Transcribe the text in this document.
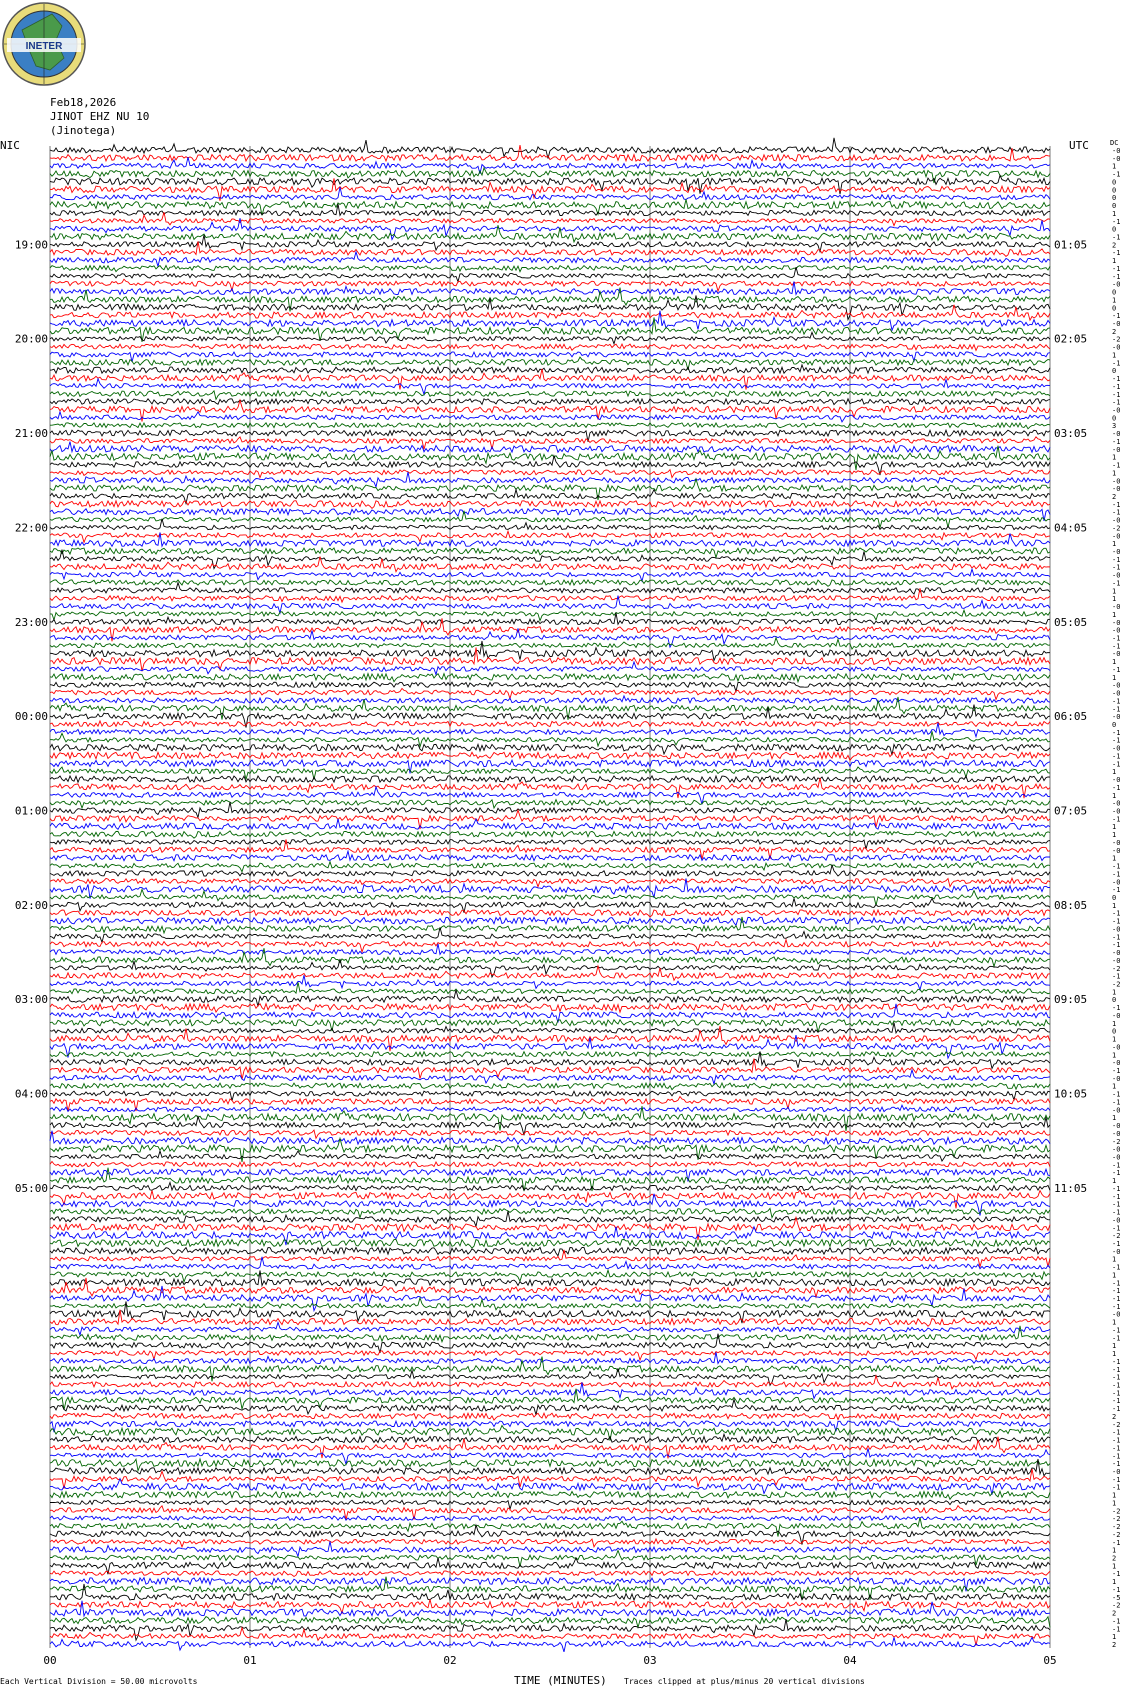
INETER
Feb18,2026
JINOT EHZ NU 10
(Jinotega)
NIC	UTC	DC
00	01	02	03	04	05
-0
-0
1
-1
0
0
0
0
1
-1
0
-1
2
-1
1
-1
-1
-0
0
1
0
-1
-0
2
-2
-0
1
-1
0
-1
-1
-1
-1
-0
0
3
-0
-1
-0
1
-1
1
-0
-0
2
-1
-1
-0
-2
-0
1
-0
-1
-1
-0
-1
1
1
-0
1
-0
-0
-1
-1
-0
1
-1
1
-0
-0
-1
-1
-0
0
-1
-1
-0
-1
-1
1
-0
-1
1
-0
-0
-1
1
1
-0
-0
1
-1
-1
-0
-1
0
1
-1
-1
-0
-1
-1
-0
-0
-2
-1
-2
1
0
-1
-0
1
0
1
-0
1
-0
-1
-0
1
-1
-1
-0
1
-0
-0
-2
-0
-0
-1
-1
1
-1
-1
-1
-1
-0
-1
-2
-1
-0
1
-1
1
-1
-1
-1
-1
-0
1
-1
-1
1
1
-1
-1
-1
-1
-1
-1
-1
2
-2
-1
-1
-1
-1
-1
-0
-1
-1
1
1
-2
-2
-2
-2
-1
1
2
1
-1
1
-1
-5
-2
2
-1
-1
1
2
19:00
20:00
21:00
22:00
23:00
00:00
01:00
02:00
03:00
04:00
05:00
01:05
02:05
03:05
04:05
05:05
06:05
07:05
08:05
09:05
10:05
11:05
Each Vertical Division = 50.00 microvolts	TIME (MINUTES) Traces clipped at plus/minus 20 vertical divisions
